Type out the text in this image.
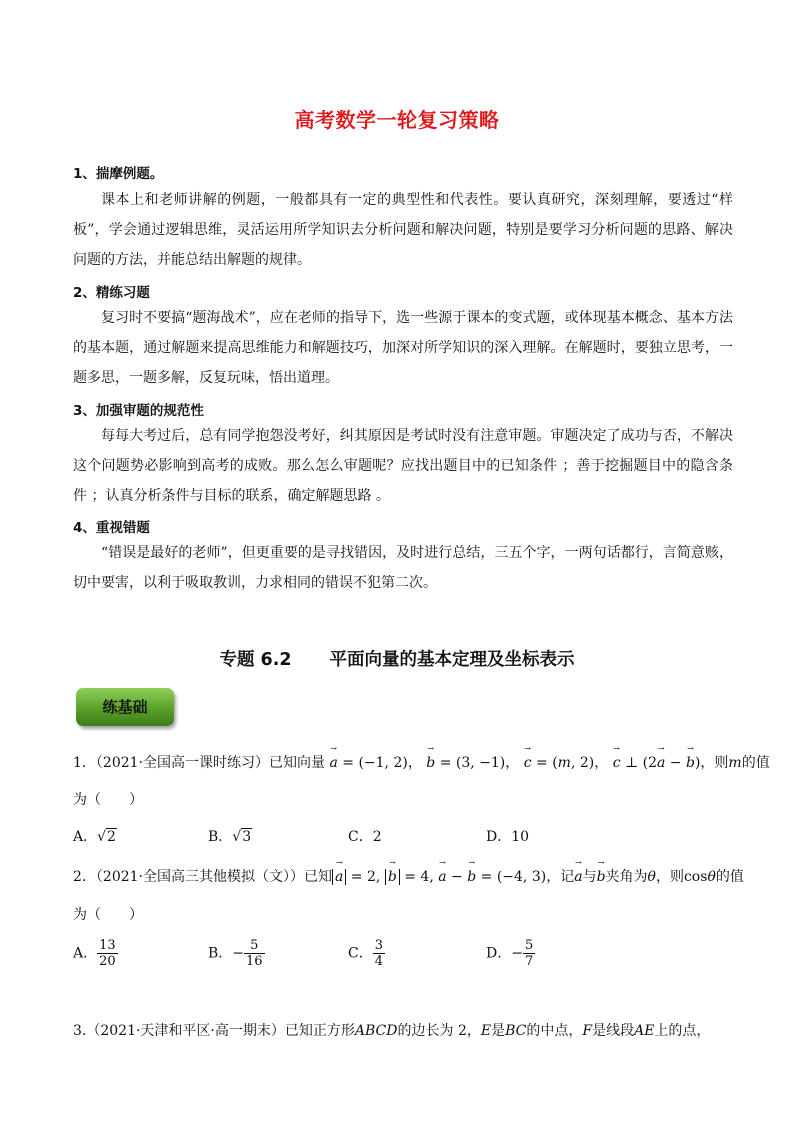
高考数学一轮复习策略
1、揣摩例题。
课本上和老师讲解的例题，一般都具有一定的典型性和代表性。要认真研究，深刻理解，要透过“样板”，学会通过逻辑思维，灵活运用所学知识去分析问题和解决问题，特别是要学习分析问题的思路、解决问题的方法，并能总结出解题的规律。
2、精练习题
复习时不要搞“题海战术”，应在老师的指导下，选一些源于课本的变式题，或体现基本概念、基本方法的基本题，通过解题来提高思维能力和解题技巧，加深对所学知识的深入理解。在解题时，要独立思考，一题多思，一题多解，反复玩味，悟出道理。
3、加强审题的规范性
每每大考过后，总有同学抱怨没考好，纠其原因是考试时没有注意审题。审题决定了成功与否，不解决这个问题势必影响到高考的成败。那么怎么审题呢？应找出题目中的已知条件 ；善于挖掘题目中的隐含条件 ；认真分析条件与目标的联系，确定解题思路 。
4、重视错题
“错误是最好的老师”，但更重要的是寻找错因，及时进行总结，三五个字，一两句话都行，言简意赅，切中要害，以利于吸取教训，力求相同的错误不犯第二次。
专题 6.2 平面向量的基本定理及坐标表示
练基础
1．（2021·全国高一课时练习）已知向量 → a = (−1, 2)， → b = (3, −1)， → c = (m, 2)， → c ⊥ (2→ a − → b)，则m的值
为（　　）
A．√2	B．√3	C．2	D．10
2．（2021·全国高三其他模拟（文））已知 → a = 2, → b = 4, → a − → b = (−4, 3)，记→ a与→ b夹角为θ，则cosθ的值
为（　　）
A． $\frac{13}{20}$	B．− $\frac{5}{16}$	C． $\frac{3}{4}$	D．− $\frac{5}{7}$
3.（2021·天津和平区·高一期末）已知正方形ABCD的边长为 2，E是BC的中点，F是线段AE上的点，
